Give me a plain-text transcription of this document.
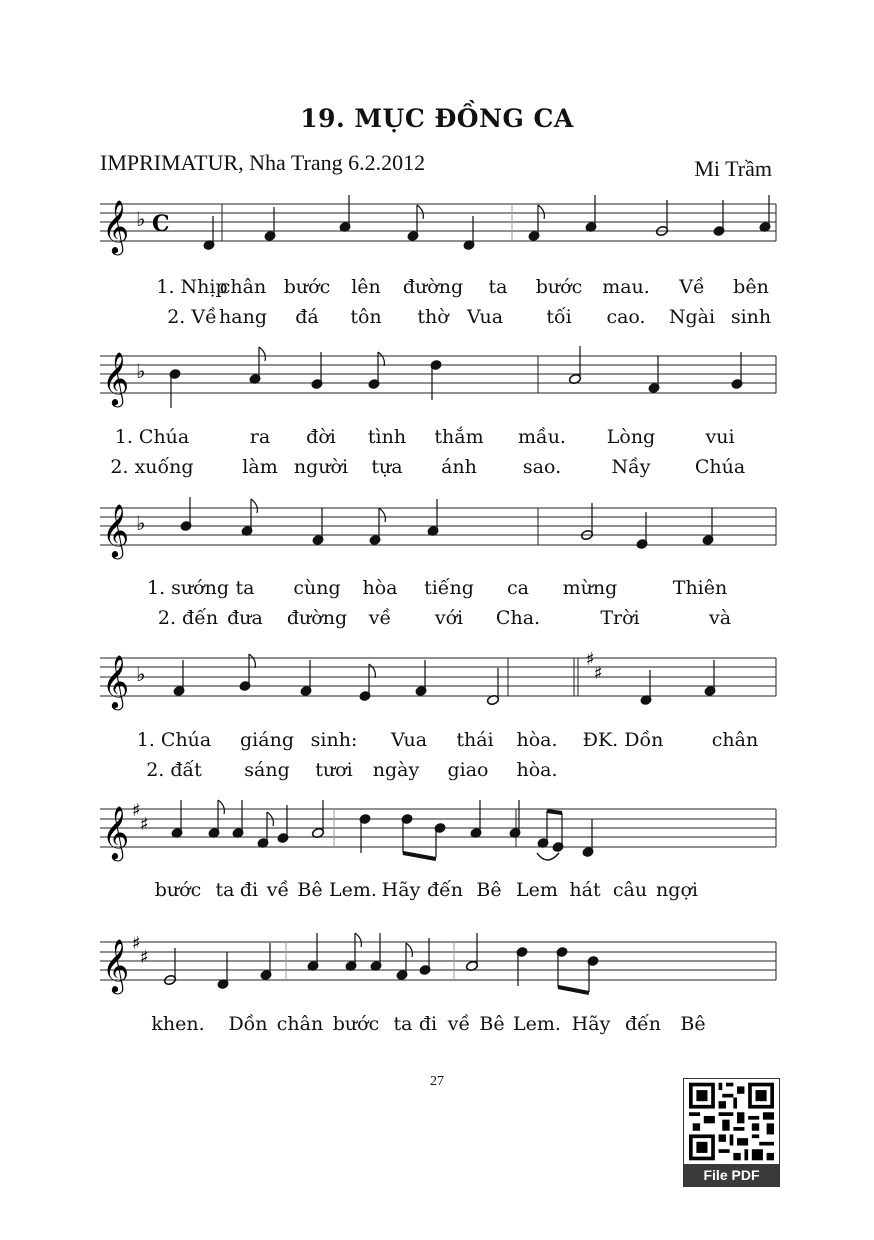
19. MỤC ĐỒNG CA
IMPRIMATUR, Nha Trang 6.2.2012	Mi Trầm
𝄞 ♭ C
1. Nhịp
chân bước lên đường ta bước mau. Về bên
2. Về hang đá tôn thờ Vua tối cao. Ngài sinh
𝄞 ♭
1. Chúa	ra đời tình thắm mầu. Lòng	vui
2. xuống	làm người tựa ánh sao.	Nầy Chúa
𝄞 ♭
1. sướng ta cùng hòa tiếng ca mừng	Thiên
2. đến đưa đường về với Cha.	Trời	và
𝄞 ♭
♯
♯
1. Chúa giáng sinh: Vua thái hòa. ĐK. Dồn	chân
2. đất sáng tươi ngày giao hòa.
𝄞 ♯
♯
bước ta đi về Bê Lem. Hãy đến Bê Lem hát câu ngợi
𝄞 ♯
♯
khen. Dồn chân bước ta đi về Bê Lem. Hãy đến Bê
27
File PDF
